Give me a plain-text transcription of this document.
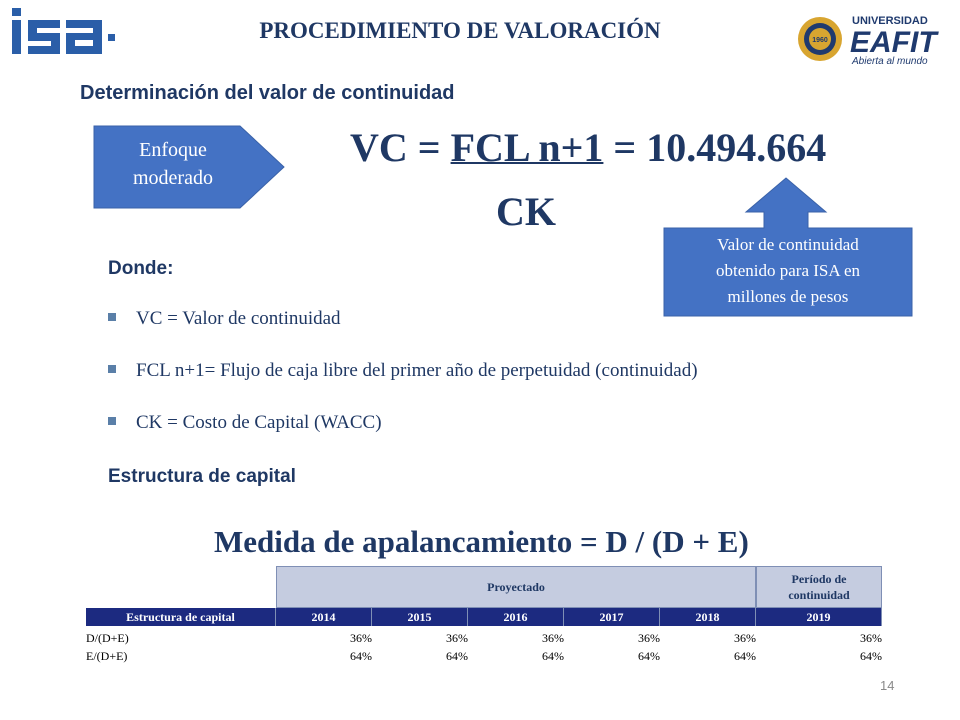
isa
PROCEDIMIENTO DE VALORACIÓN	1960
UNIVERSIDAD
EAFIT
Abierta al mundo
Determinación del valor de continuidad
Enfoque
moderado
VC = FCL n+1 = 10.494.664
CK
Valor de continuidad
obtenido para ISA en
millones de pesos
Donde:
VC = Valor de continuidad
FCL n+1= Flujo de caja libre del primer año de perpetuidad (continuidad)
CK = Costo de Capital (WACC)
Estructura de capital
Medida de apalancamiento = D / (D + E)
Proyectado
Período de continuidad
Estructura de capital	2014	2015	2016	2017	2018	2019
D/(D+E)	36%	36%	36%	36%	36%	36%
E/(D+E)	64%	64%	64%	64%	64%	64%
14
